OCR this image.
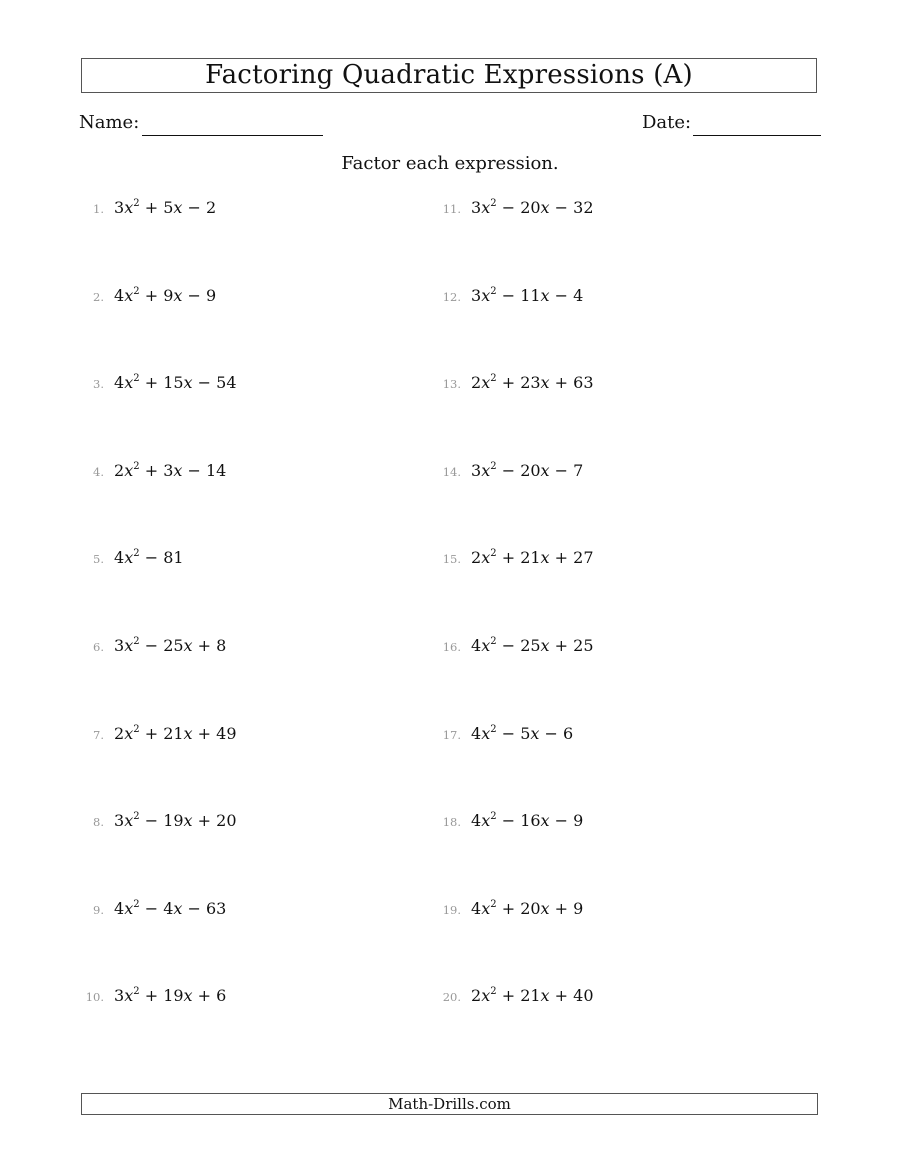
Factoring Quadratic Expressions (A)
Name:	Date:
Factor each expression.
1. $3x^2 + 5x - 2$
2. $4x^2 + 9x - 9$
3. $4x^2 + 15x - 54$
4. $2x^2 + 3x - 14$
5. $4x^2 - 81$
6. $3x^2 - 25x + 8$
7. $2x^2 + 21x + 49$
8. $3x^2 - 19x + 20$
9. $4x^2 - 4x - 63$
10. $3x^2 + 19x + 6$
11. $3x^2 - 20x - 32$
12. $3x^2 - 11x - 4$
13. $2x^2 + 23x + 63$
14. $3x^2 - 20x - 7$
15. $2x^2 + 21x + 27$
16. $4x^2 - 25x + 25$
17. $4x^2 - 5x - 6$
18. $4x^2 - 16x - 9$
19. $4x^2 + 20x + 9$
20. $2x^2 + 21x + 40$
Math-Drills.com
